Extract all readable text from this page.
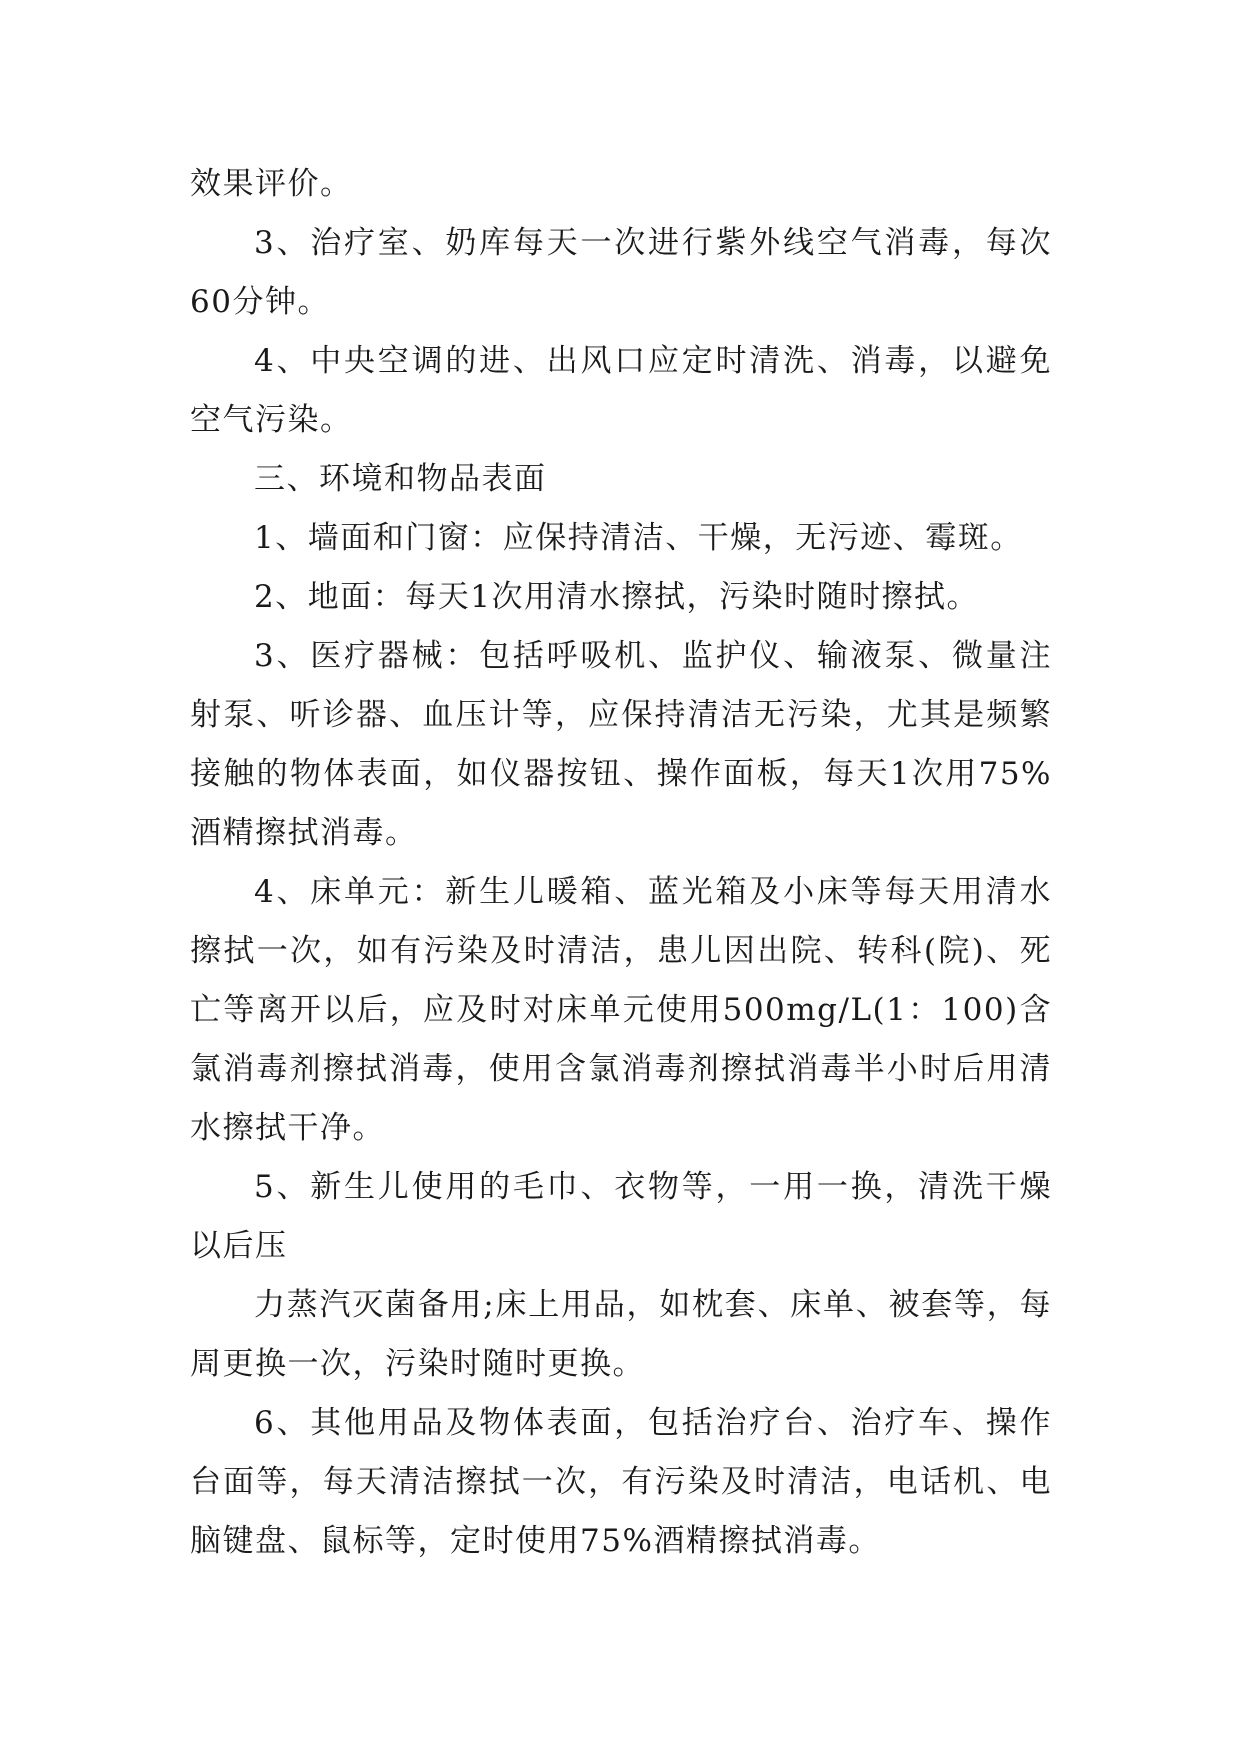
效果评价。

3、治疗室、奶库每天一次进行紫外线空气消毒，每次60分钟。

4、中央空调的进、出风口应定时清洗、消毒，以避免空气污染。

三、环境和物品表面

1、墙面和门窗：应保持清洁、干燥，无污迹、霉斑。

2、地面：每天1次用清水擦拭，污染时随时擦拭。

3、医疗器械：包括呼吸机、监护仪、输液泵、微量注射泵、听诊器、血压计等，应保持清洁无污染，尤其是频繁接触的物体表面，如仪器按钮、操作面板，每天1次用75%酒精擦拭消毒。

4、床单元：新生儿暖箱、蓝光箱及小床等每天用清水擦拭一次，如有污染及时清洁，患儿因出院、转科(院)、死亡等离开以后，应及时对床单元使用500mg/L(1：100)含氯消毒剂擦拭消毒，使用含氯消毒剂擦拭消毒半小时后用清水擦拭干净。

5、新生儿使用的毛巾、衣物等，一用一换，清洗干燥以后压

力蒸汽灭菌备用;床上用品，如枕套、床单、被套等，每周更换一次，污染时随时更换。

6、其他用品及物体表面，包括治疗台、治疗车、操作台面等，每天清洁擦拭一次，有污染及时清洁，电话机、电脑键盘、鼠标等，定时使用75%酒精擦拭消毒。
